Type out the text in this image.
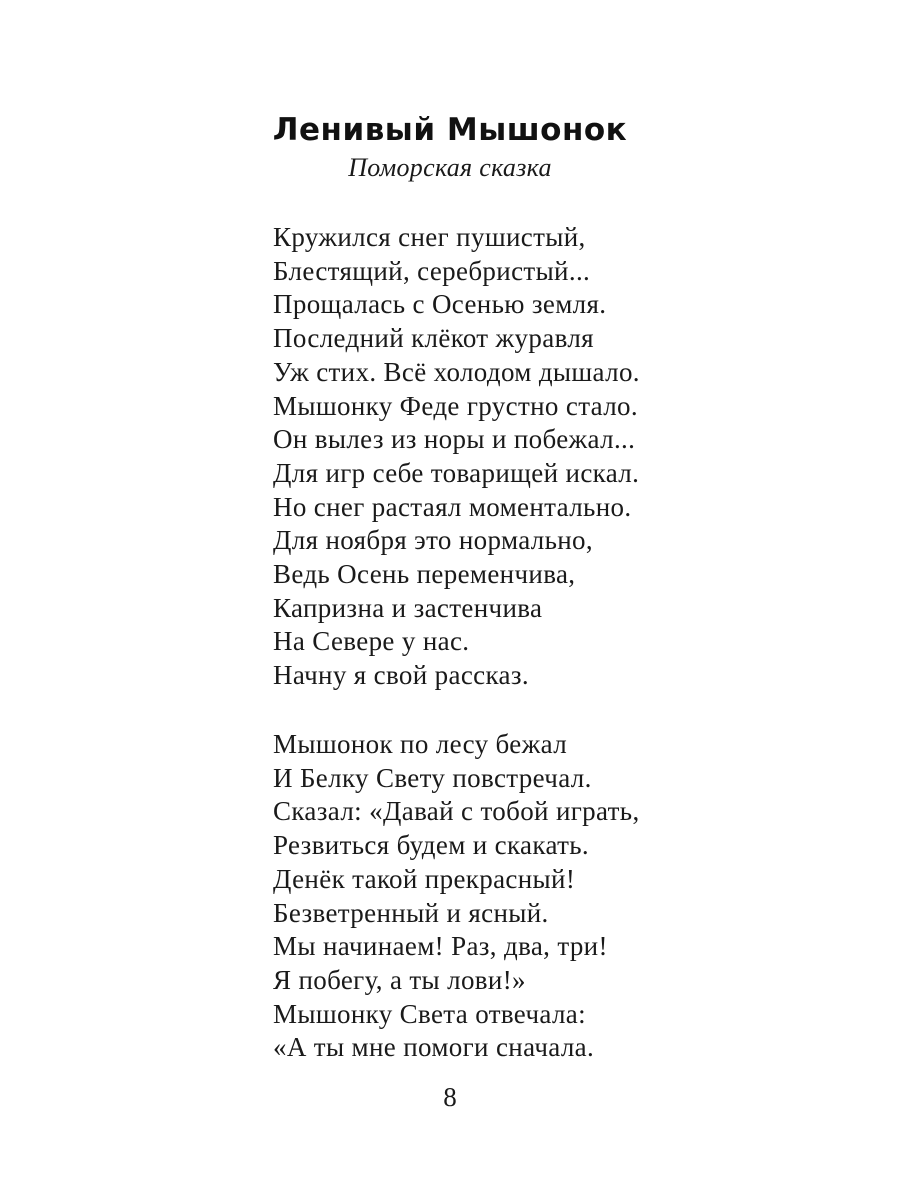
Ленивый Мышонок
Поморская сказка
Кружился снег пушистый,
Блестящий, серебристый...
Прощалась с Осенью земля.
Последний клёкот журавля
Уж стих. Всё холодом дышало.
Мышонку Феде грустно стало.
Он вылез из норы и побежал...
Для игр себе товарищей искал.
Но снег растаял моментально.
Для ноября это нормально,
Ведь Осень переменчива,
Капризна и застенчива
На Севере у нас.
Начну я свой рассказ.
Мышонок по лесу бежал
И Белку Свету повстречал.
Сказал: «Давай с тобой играть,
Резвиться будем и скакать.
Денёк такой прекрасный!
Безветренный и ясный.
Мы начинаем! Раз, два, три!
Я побегу, а ты лови!»
Мышонку Света отвечала:
«А ты мне помоги сначала.
8
